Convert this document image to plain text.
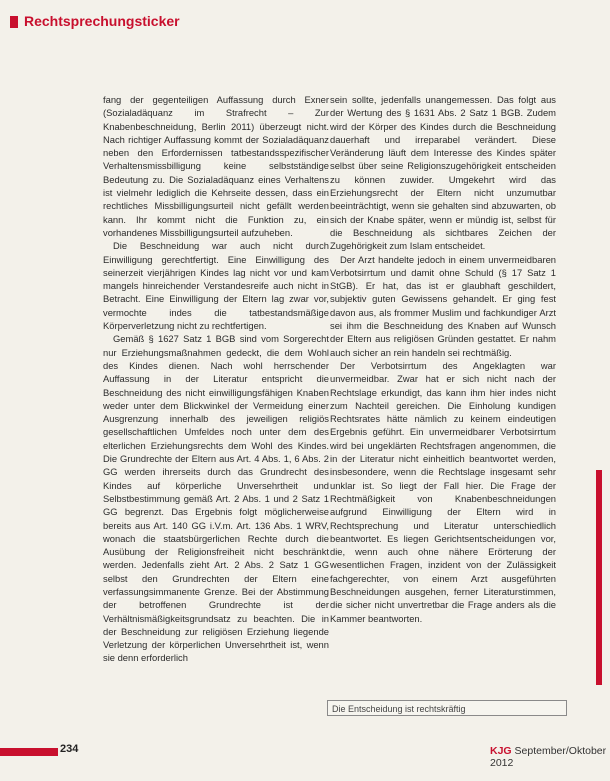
Rechtsprechungsticker

fang der gegenteiligen Auffassung durch Exner (Sozialadäquanz im Strafrecht – Zur Knabenbeschneidung, Berlin 2011) überzeugt nicht. Nach richtiger Auffassung kommt der Sozialadäquanz neben den Erfordernissen tatbestandsspezifischer Verhaltensmissbilligung keine selbstständige Bedeutung zu. Die Sozialadäquanz eines Verhaltens ist vielmehr lediglich die Kehrseite dessen, dass ein rechtliches Missbilligungsurteil nicht gefällt werden kann. Ihr kommt nicht die Funktion zu, ein vorhandenes Missbilligungsurteil aufzuheben.

Die Beschneidung war auch nicht durch Einwilligung gerechtfertigt. Eine Einwilligung des seinerzeit vierjährigen Kindes lag nicht vor und kam mangels hinreichender Verstandesreife auch nicht in Betracht. Eine Einwilligung der Eltern lag zwar vor, vermochte indes die tatbestandsmäßige Körperverletzung nicht zu rechtfertigen.

Gemäß § 1627 Satz 1 BGB sind vom Sorgerecht nur Erziehungsmaßnahmen gedeckt, die dem Wohl des Kindes dienen. Nach wohl herrschender Auffassung in der Literatur entspricht die Beschneidung des nicht einwilligungsfähigen Knaben weder unter dem Blickwinkel der Vermeidung einer Ausgrenzung innerhalb des jeweiligen religiös gesellschaftlichen Umfeldes noch unter dem des elterlichen Erziehungsrechts dem Wohl des Kindes. Die Grundrechte der Eltern aus Art. 4 Abs. 1, 6 Abs. 2 GG werden ihrerseits durch das Grundrecht des Kindes auf körperliche Unversehrtheit und Selbstbestimmung gemäß Art. 2 Abs. 1 und 2 Satz 1 GG begrenzt. Das Ergebnis folgt möglicherweise bereits aus Art. 140 GG i.V.m. Art. 136 Abs. 1 WRV, wonach die staatsbürgerlichen Rechte durch die Ausübung der Religionsfreiheit nicht beschränkt werden. Jedenfalls zieht Art. 2 Abs. 2 Satz 1 GG selbst den Grundrechten der Eltern eine verfassungsimmanente Grenze. Bei der Abstimmung der betroffenen Grundrechte ist der Verhältnismäßigkeitsgrundsatz zu beachten. Die in der Beschneidung zur religiösen Erziehung liegende Verletzung der körperlichen Unversehrtheit ist, wenn sie denn erforderlich

sein sollte, jedenfalls unangemessen. Das folgt aus der Wertung des § 1631 Abs. 2 Satz 1 BGB. Zudem wird der Körper des Kindes durch die Beschneidung dauerhaft und irreparabel verändert. Diese Veränderung läuft dem Interesse des Kindes später selbst über seine Religionszugehörigkeit entscheiden zu können zuwider. Umgekehrt wird das Erziehungsrecht der Eltern nicht unzumutbar beeinträchtigt, wenn sie gehalten sind abzuwarten, ob sich der Knabe später, wenn er mündig ist, selbst für die Beschneidung als sichtbares Zeichen der Zugehörigkeit zum Islam entscheidet.

Der Arzt handelte jedoch in einem unvermeidbaren Verbotsirrtum und damit ohne Schuld (§ 17 Satz 1 StGB). Er hat, das ist er glaubhaft geschildert, subjektiv guten Gewissens gehandelt. Er ging fest davon aus, als frommer Muslim und fachkundiger Arzt sei ihm die Beschneidung des Knaben auf Wunsch der Eltern aus religiösen Gründen gestattet. Er nahm auch sicher an rein handeln sei rechtmäßig.

Der Verbotsirrtum des Angeklagten war unvermeidbar. Zwar hat er sich nicht nach der Rechtslage erkundigt, das kann ihm hier indes nicht zum Nachteil gereichen. Die Einholung kundigen Rechtsrates hätte nämlich zu keinem eindeutigen Ergebnis geführt. Ein unvermeidbarer Verbotsirrtum wird bei ungeklärten Rechtsfragen angenommen, die in der Literatur nicht einheitlich beantwortet werden, insbesondere, wenn die Rechtslage insgesamt sehr unklar ist. So liegt der Fall hier. Die Frage der Rechtmäßigkeit von Knabenbeschneidungen aufgrund Einwilligung der Eltern wird in Rechtsprechung und Literatur unterschiedlich beantwortet. Es liegen Gerichtsentscheidungen vor, die, wenn auch ohne nähere Erörterung der wesentlichen Fragen, inzident von der Zulässigkeit fachgerechter, von einem Arzt ausgeführten Beschneidungen ausgehen, ferner Literaturstimmen, die sicher nicht unvertretbar die Frage anders als die Kammer beantworten.

Die Entscheidung ist rechtskräftig
234	KJG September/Oktober 2012
